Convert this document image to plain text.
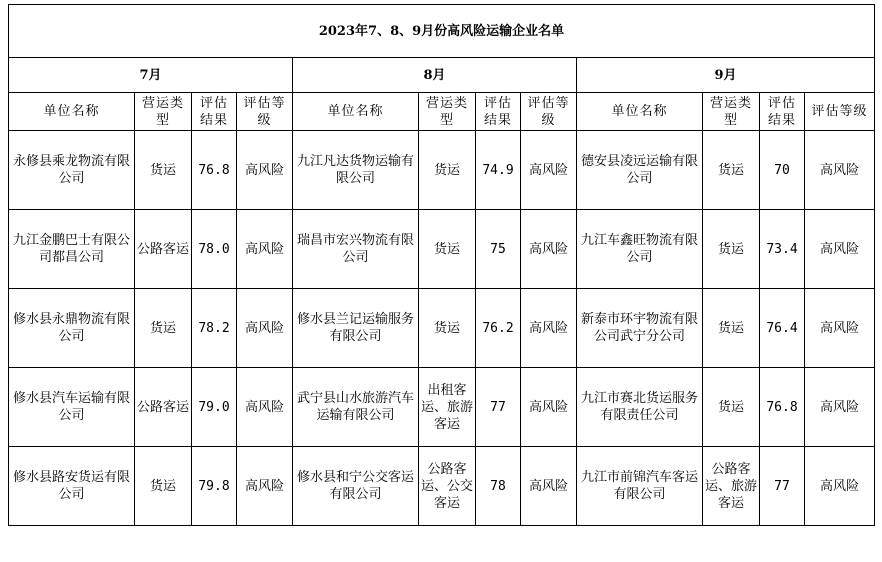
2023年7、8、9月份高风险运输企业名单											
7月				8月				9月			
单位名称	营运类型	评估结果	评估等级	单位名称	营运类型	评估结果	评估等级	单位名称	营运类型	评估结果	评估等级
永修县乘龙物流有限公司	货运	76.8	高风险	九江凡达货物运输有限公司	货运	74.9	高风险	德安县凌远运输有限公司	货运	70	高风险
九江金鹏巴士有限公司都昌公司	公路客运	78.0	高风险	瑞昌市宏兴物流有限公司	货运	75	高风险	九江车鑫旺物流有限公司	货运	73.4	高风险
修水县永鼎物流有限公司	货运	78.2	高风险	修水县兰记运输服务有限公司	货运	76.2	高风险	新泰市环宇物流有限公司武宁分公司	货运	76.4	高风险
修水县汽车运输有限公司	公路客运	79.0	高风险	武宁县山水旅游汽车运输有限公司	出租客运、旅游客运	77	高风险	九江市赛北货运服务有限责任公司	货运	76.8	高风险
修水县路安货运有限公司	货运	79.8	高风险	修水县和宁公交客运有限公司	公路客运、公交客运	78	高风险	九江市前锦汽车客运有限公司	公路客运、旅游客运	77	高风险
